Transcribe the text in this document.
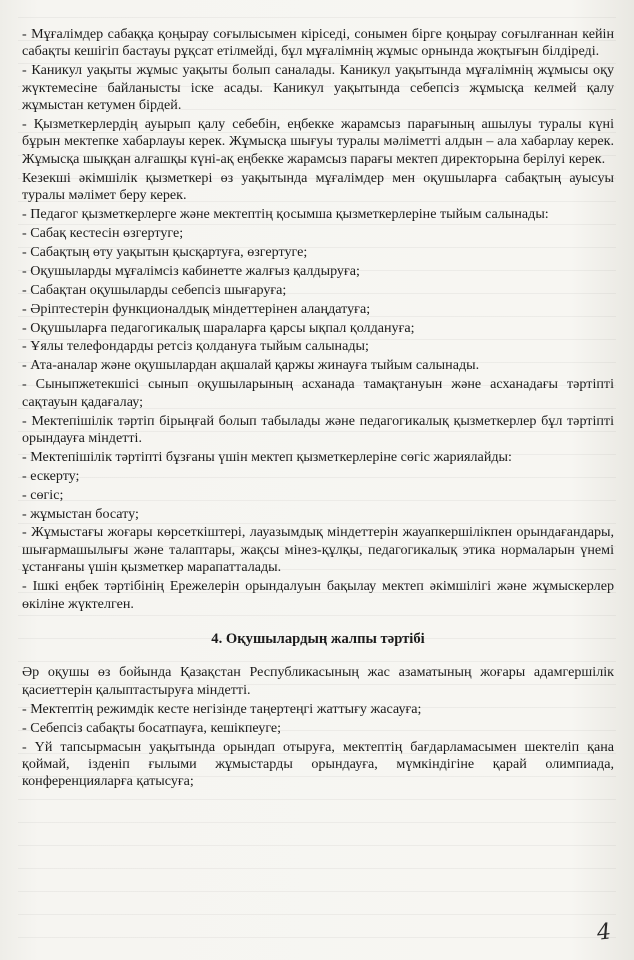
- Мұғалімдер сабаққа қоңырау соғылысымен кіріседі, сонымен бірге қоңырау соғылғаннан кейін сабақты кешігіп бастауы рұқсат етілмейді, бұл мұғалімнің жұмыс орнында жоқтығын білдіреді.

- Каникул уақыты жұмыс уақыты болып саналады. Каникул уақытында мұғалімнің жұмысы оқу жүктемесіне байланысты іске асады. Каникул уақытында себепсіз жұмысқа келмей қалу жұмыстан кетумен бірдей.

- Қызметкерлердің ауырып қалу себебін, еңбекке жарамсыз парағының ашылуы туралы күні бұрын мектепке хабарлауы керек. Жұмысқа шығуы туралы мәліметті алдын – ала хабарлау керек. Жұмысқа шыққан алғашқы күні-ақ еңбекке жарамсыз парағы мектеп директорына берілуі керек.

Кезекші әкімшілік қызметкері өз уақытында мұғалімдер мен оқушыларға сабақтың ауысуы туралы мәлімет беру керек.

- Педагог қызметкерлерге және мектептің қосымша қызметкерлеріне тыйым салынады:

- Сабақ кестесін өзгертуге;
- Сабақтың өту уақытын қысқартуға, өзгертуге;
- Оқушыларды мұғалімсіз кабинетте жалғыз қалдыруға;
- Сабақтан оқушыларды себепсіз шығаруға;
- Әріптестерін функционалдық міндеттерінен алаңдатуға;
- Оқушыларға педагогикалық шараларға қарсы ықпал қолдануға;
- Ұялы телефондарды ретсіз қолдануға тыйым салынады;
- Ата-аналар және оқушылардан ақшалай қаржы жинауға тыйым салынады.

- Сыныпжетекшісі сынып оқушыларының асханада тамақтануын және асханадағы тәртіпті сақтауын қадағалау;

- Мектепішілік тәртіп бірыңғай болып табылады және педагогикалық қызметкерлер бұл тәртіпті орындауға міндетті.

- Мектепішілік тәртіпті бұзғаны үшін мектеп қызметкерлеріне сөгіс жариялайды:

- ескерту;
- сөгіс;
- жұмыстан босату;

- Жұмыстағы жоғары көрсеткіштері, лауазымдық міндеттерін жауапкершілікпен орындағандары, шығармашылығы және талаптары, жақсы мінез-құлқы, педагогикалық этика нормаларын үнемі ұстанғаны үшін қызметкер марапатталады.

- Ішкі еңбек тәртібінің Ережелерін орындалуын бақылау мектеп әкімшілігі және жұмыскерлер өкіліне жүктелген.

4. Оқушылардың жалпы тәртібі

Әр оқушы өз бойында Қазақстан Республикасының жас азаматының жоғары адамгершілік қасиеттерін қалыптастыруға міндетті.

- Мектептің режимдік кесте негізінде таңертеңгі жаттығу жасауға;
- Себепсіз сабақты босатпауға, кешікпеуге;

- Үй тапсырмасын уақытында орындап отыруға, мектептің бағдарламасымен шектеліп қана қоймай, ізденіп ғылыми жұмыстарды орындауға, мүмкіндігіне қарай олимпиада, конференцияларға қатысуға;

4
